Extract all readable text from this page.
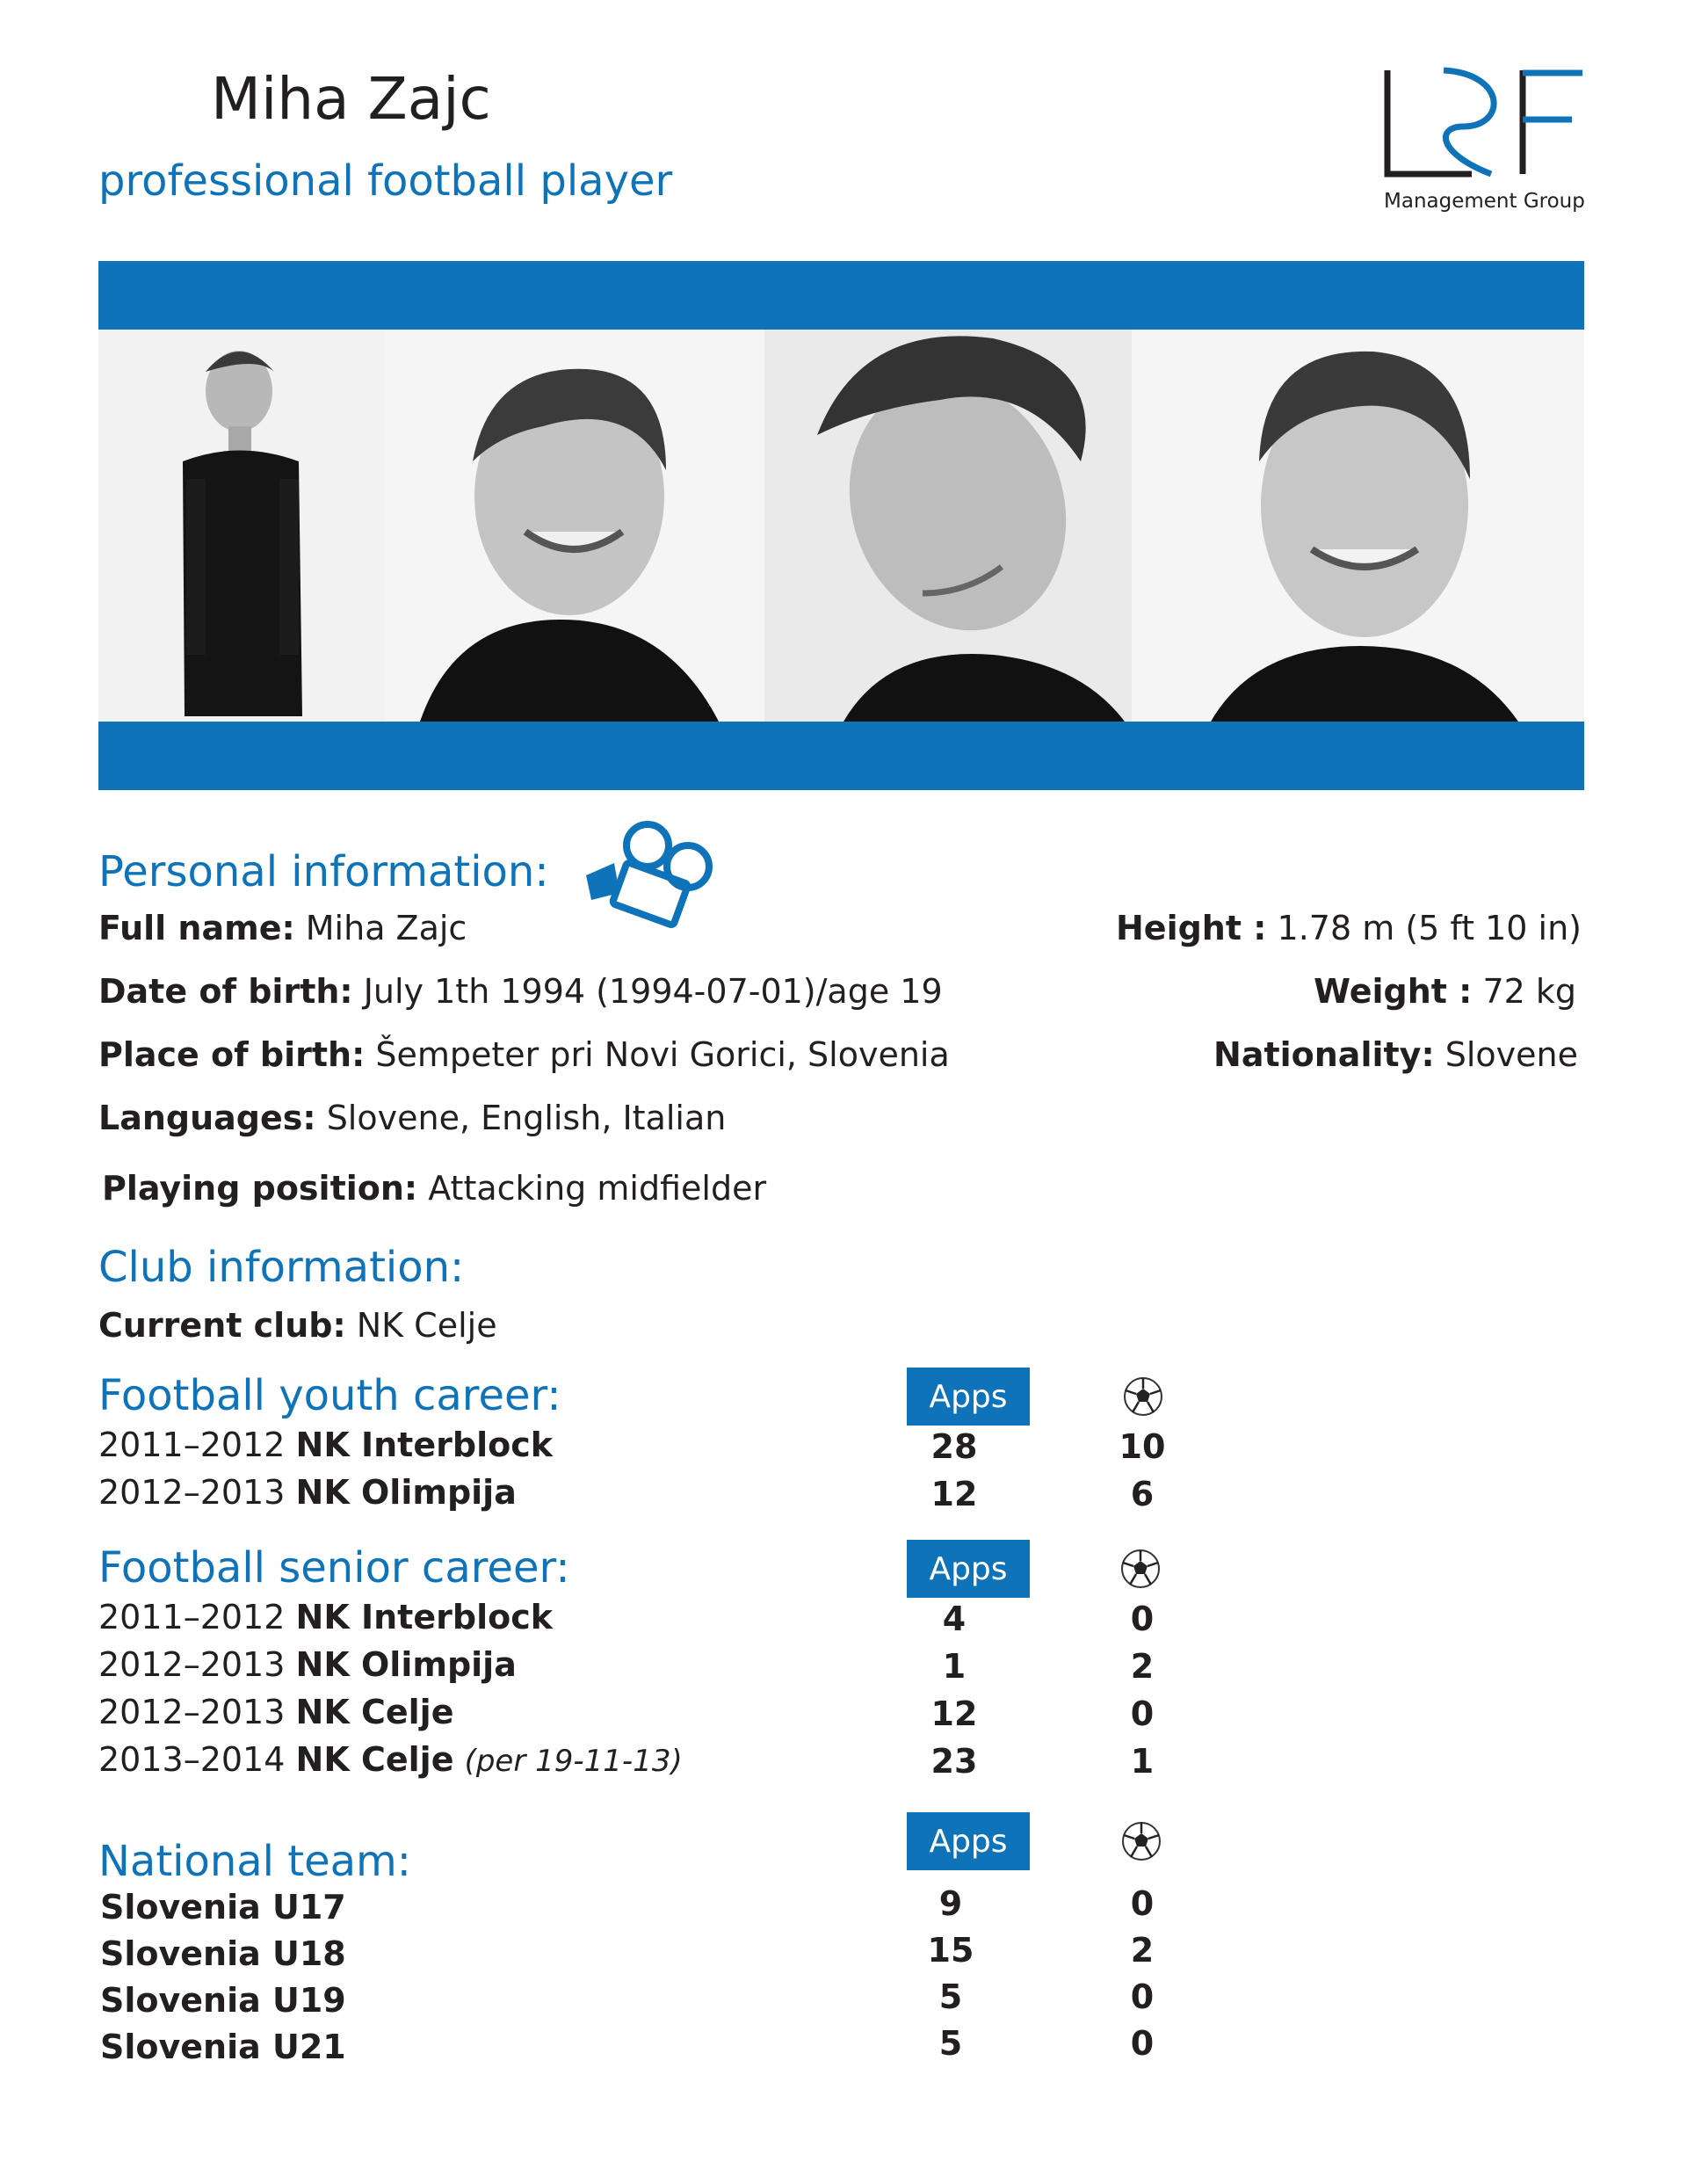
Miha Zajc
professional football player	Management Group
Personal information:
Full name: Miha Zajc
Date of birth: July 1th 1994 (1994-07-01)/age 19
Place of birth: Šempeter pri Novi Gorici, Slovenia
Languages: Slovene, English, Italian
Playing position: Attacking midfielder
Height : 1.78 m (5 ft 10 in)
Weight : 72 kg
Nationality: Slovene
Club information:
Current club: NK Celje
Football youth career:	Apps
2011–2012 NK Interblock	28	10
2012–2013 NK Olimpija	12	6
Football senior career:	Apps
2011–2012 NK Interblock	4	0
2012–2013 NK Olimpija	1	2
2012–2013 NK Celje	12	0
2013–2014 NK Celje (per 19-11-13)	23	1
National team:	Apps
Slovenia U17	9	0
Slovenia U18	15	2
Slovenia U19	5	0
Slovenia U21	5	0
